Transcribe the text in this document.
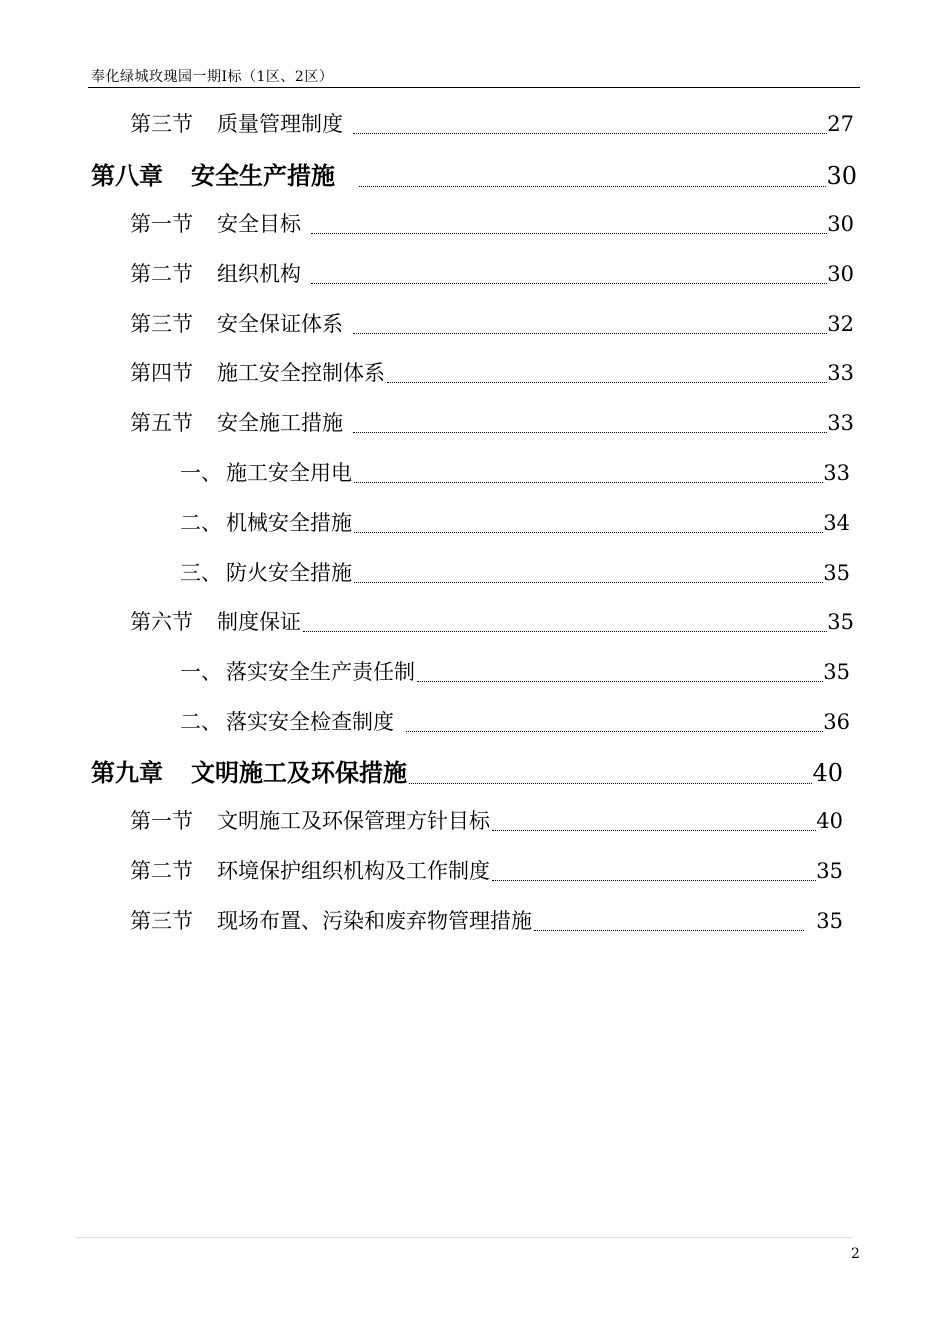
奉化绿城玫瑰园一期Ⅰ标（1区、2区）
第三节 质量管理制度	27
第八章 安全生产措施	30
第一节 安全目标	30
第二节 组织机构	30
第三节 安全保证体系	32
第四节 施工安全控制体系	33
第五节 安全施工措施	33
一、 施工安全用电	33
二、 机械安全措施	34
三、 防火安全措施	35
第六节 制度保证	35
一、 落实安全生产责任制	35
二、 落实安全检查制度	36
第九章 文明施工及环保措施	40
第一节 文明施工及环保管理方针目标	40
第二节 环境保护组织机构及工作制度	35
第三节 现场布置、污染和废弃物管理措施	35
2
